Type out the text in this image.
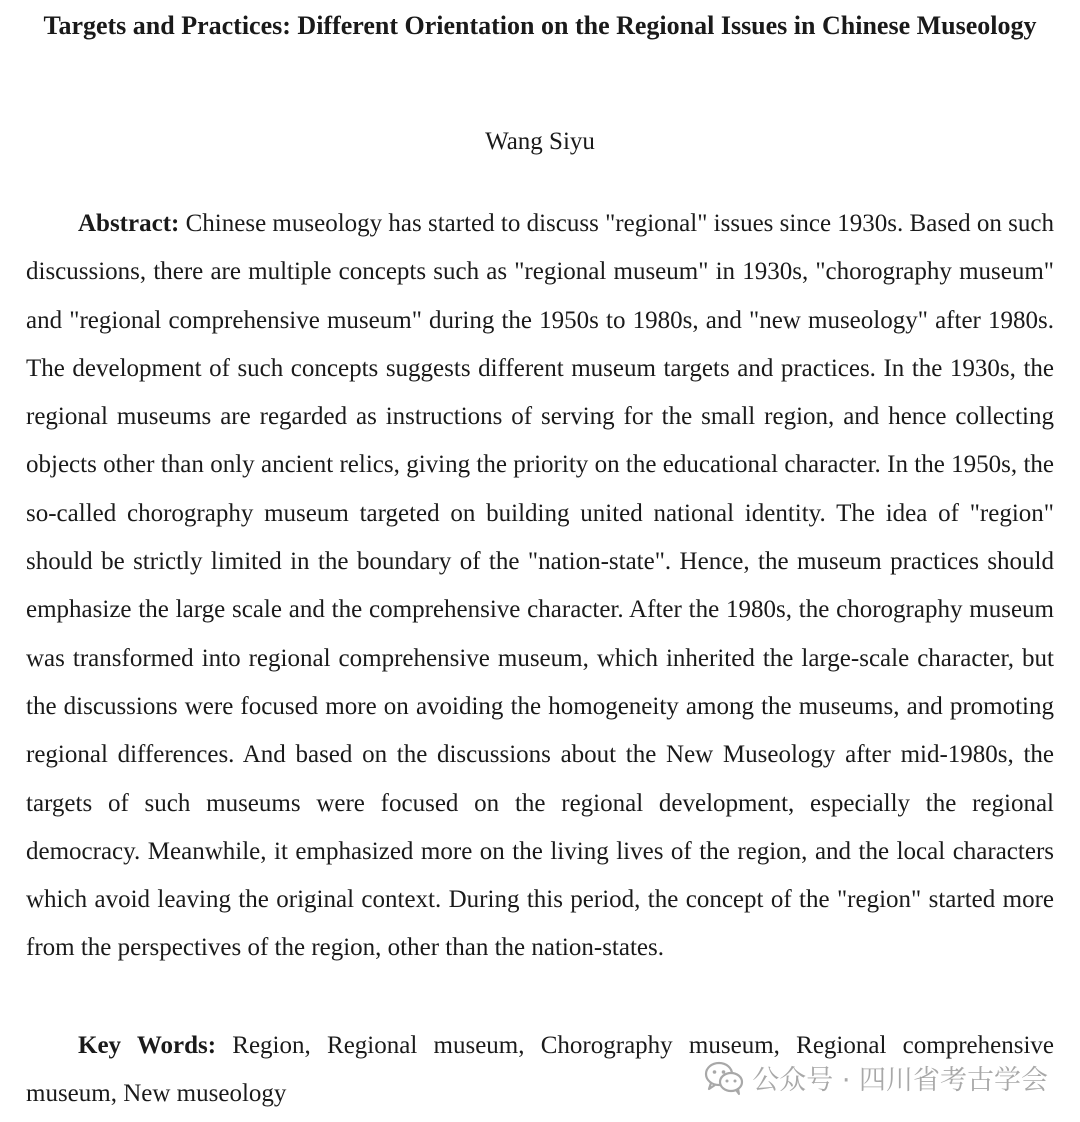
Targets and Practices: Different Orientation on the Regional Issues in Chinese Museology

Wang Siyu

Abstract: Chinese museology has started to discuss "regional" issues since 1930s. Based on such discussions, there are multiple concepts such as "regional museum" in 1930s, "chorography museum" and "regional comprehensive museum" during the 1950s to 1980s, and "new museology" after 1980s. The development of such concepts suggests different museum targets and practices. In the 1930s, the regional museums are regarded as instructions of serving for the small region, and hence collecting objects other than only ancient relics, giving the priority on the educational character. In the 1950s, the so-called chorography museum targeted on building united national identity. The idea of "region" should be strictly limited in the boundary of the "nation-state". Hence, the museum practices should emphasize the large scale and the comprehensive character. After the 1980s, the chorography museum was transformed into regional comprehensive museum, which inherited the large-scale character, but the discussions were focused more on avoiding the homogeneity among the museums, and promoting regional differences. And based on the discussions about the New Museology after mid-1980s, the targets of such museums were focused on the regional development, especially the regional democracy. Meanwhile, it emphasized more on the living lives of the region, and the local characters which avoid leaving the original context. During this period, the concept of the "region" started more from the perspectives of the region, other than the nation-states.

Key Words: Region, Regional museum, Chorography museum, Regional comprehensive museum, New museology	公众号 · 四川省考古学会
